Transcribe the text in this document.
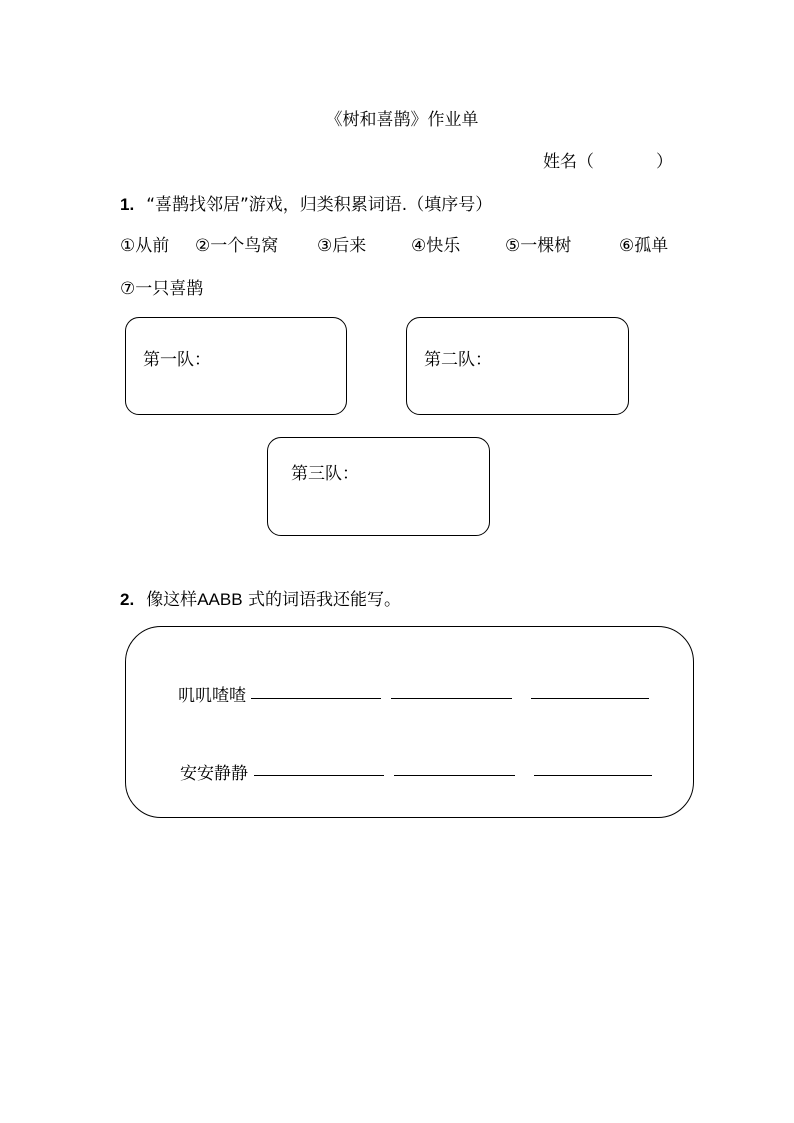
《树和喜鹊》作业单
姓名（	）
1. “喜鹊找邻居”游戏，归类积累词语.（填序号）
①从前 ②一个鸟窝 ③后来	④快乐	⑤一棵树	⑥孤单
⑦一只喜鹊
第一队：	第二队：
第三队：
2. 像这样AABB 式的词语我还能写。
叽叽喳喳
安安静静
